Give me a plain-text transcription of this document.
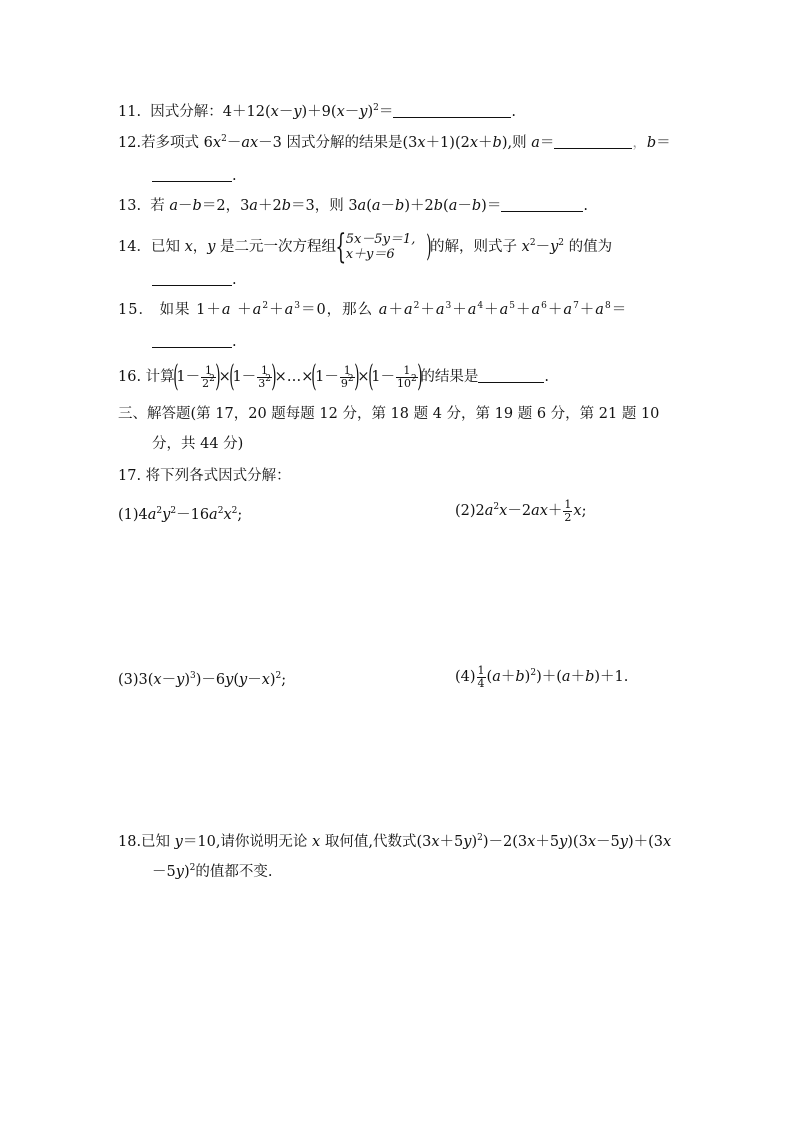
11. 因式分解：$4+12(x-y)+9(x-y)^2=$	.
12.若多项式 $6x^2-ax-3$ 因式分解的结果是(3x＋1)(2x＋b),则 a＝	，b＝
.
13. 若 a－b＝2，3a＋2b＝3，则 3a(a－b)＋2b(a－b)＝	.
14．已知 x，y 是二元一次方程组{ 5x－5y＝1,
x＋y＝6	)的解，则式子 $x^2-y^2$ 的值为
.
15． 如果 $1+a +a^2+a^3=0$，那么 $a+a^2+a^3+a^4+a^5+a^6+a^7+a^8=$
.
16. 计算$(1- \frac{1}{2^2} )\times(1- \frac{1}{3^2}$ )×…×(1－ $\frac{1}{9^2} )\times(1- \frac{1}{10^2}$ )的结果是	.
三、解答题(第 17，20 题每题 12 分，第 18 题 4 分，第 19 题 6 分，第 21 题 10
分，共 44 分)
17. 将下列各式因式分解：
$(1)4a^2y^2-16a^2x^2$;	$(2)2a^2x-2ax+ \frac{1}{2} x$;
$(3)3(x-y)^3)-6y(y-x)^2$;	$(4) \frac{1}{4} (a+b)^2)+(a+b)+1$.
18.已知 y＝10,请你说明无论 x 取何值,代数式$(3x+5y)^2)-2(3x+5y)(3x-5y)+(3x$
－5y)$^2$的值都不变.
